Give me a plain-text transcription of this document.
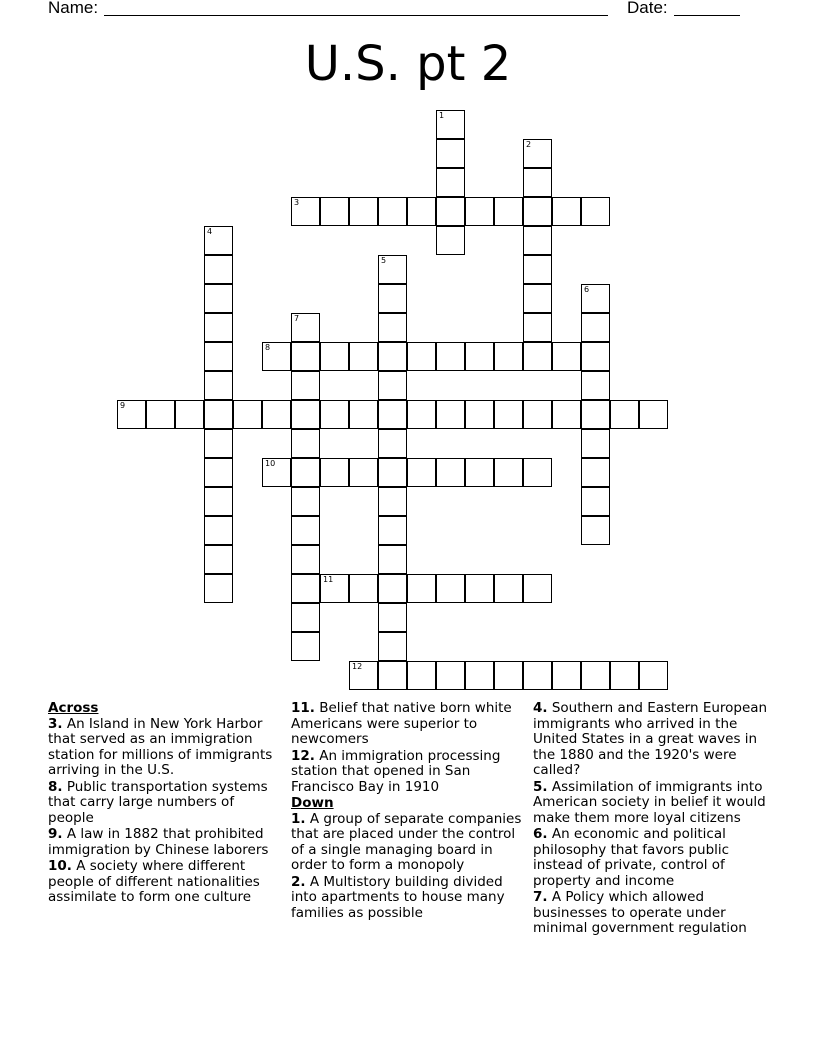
Name:	Date:
U.S. pt 2
1
2
3
4
5
6
7
8
9
10
11
12
Across
3. An Island in New York Harbor that served as an immigration station for millions of immigrants arriving in the U.S.
8. Public transportation systems that carry large numbers of people
9. A law in 1882 that prohibited immigration by Chinese laborers
10. A society where different people of different nationalities assimilate to form one culture
11. Belief that native born white Americans were superior to newcomers
12. An immigration processing station that opened in San Francisco Bay in 1910
Down
1. A group of separate companies that are placed under the control of a single managing board in order to form a monopoly
2. A Multistory building divided into apartments to house many families as possible
4. Southern and Eastern European immigrants who arrived in the United States in a great waves in the 1880 and the 1920's were called?
5. Assimilation of immigrants into American society in belief it would make them more loyal citizens
6. An economic and political philosophy that favors public instead of private, control of property and income
7. A Policy which allowed businesses to operate under minimal government regulation
